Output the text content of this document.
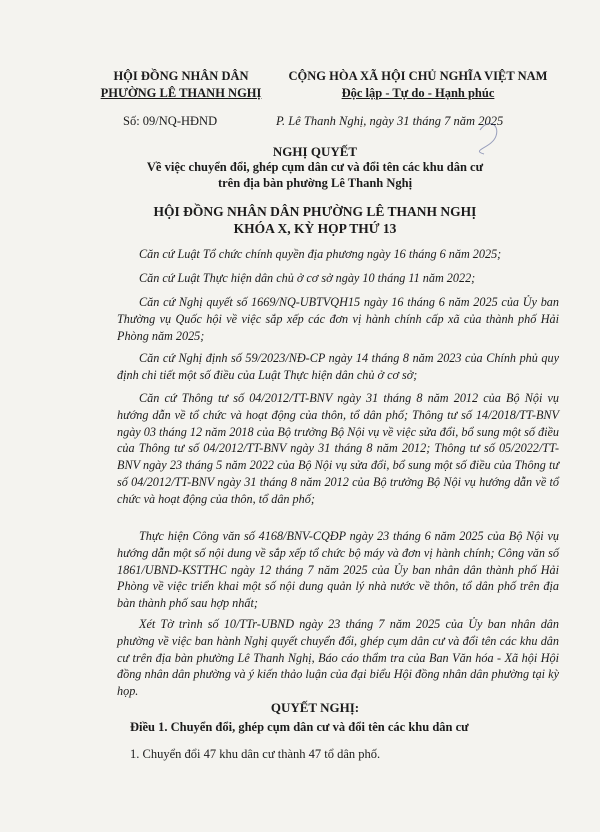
HỘI ĐỒNG NHÂN DÂN
PHƯỜNG LÊ THANH NGHỊ
CỘNG HÒA XÃ HỘI CHỦ NGHĨA VIỆT NAM
Độc lập - Tự do - Hạnh phúc
Số: 09/NQ-HĐND	P. Lê Thanh Nghị, ngày 31 tháng 7 năm 2025
NGHỊ QUYẾT
Về việc chuyển đổi, ghép cụm dân cư và đổi tên các khu dân cư
trên địa bàn phường Lê Thanh Nghị
HỘI ĐỒNG NHÂN DÂN PHƯỜNG LÊ THANH NGHỊ
KHÓA X, KỲ HỌP THỨ 13
Căn cứ Luật Tổ chức chính quyền địa phương ngày 16 tháng 6 năm 2025;
Căn cứ Luật Thực hiện dân chủ ở cơ sở ngày 10 tháng 11 năm 2022;
Căn cứ Nghị quyết số 1669/NQ-UBTVQH15 ngày 16 tháng 6 năm 2025 của Ủy ban Thường vụ Quốc hội về việc sắp xếp các đơn vị hành chính cấp xã của thành phố Hải Phòng năm 2025;
Căn cứ Nghị định số 59/2023/NĐ-CP ngày 14 tháng 8 năm 2023 của Chính phủ quy định chi tiết một số điều của Luật Thực hiện dân chủ ở cơ sở;
Căn cứ Thông tư số 04/2012/TT-BNV ngày 31 tháng 8 năm 2012 của Bộ Nội vụ hướng dẫn về tổ chức và hoạt động của thôn, tổ dân phố; Thông tư số 14/2018/TT-BNV ngày 03 tháng 12 năm 2018 của Bộ trưởng Bộ Nội vụ về việc sửa đổi, bổ sung một số điều của Thông tư số 04/2012/TT-BNV ngày 31 tháng 8 năm 2012; Thông tư số 05/2022/TT-BNV ngày 23 tháng 5 năm 2022 của Bộ Nội vụ sửa đổi, bổ sung một số điều của Thông tư số 04/2012/TT-BNV ngày 31 tháng 8 năm 2012 của Bộ trưởng Bộ Nội vụ hướng dẫn về tổ chức và hoạt động của thôn, tổ dân phố;
Thực hiện Công văn số 4168/BNV-CQĐP ngày 23 tháng 6 năm 2025 của Bộ Nội vụ hướng dẫn một số nội dung về sắp xếp tổ chức bộ máy và đơn vị hành chính; Công văn số 1861/UBND-KSTTHC ngày 12 tháng 7 năm 2025 của Ủy ban nhân dân thành phố Hải Phòng về việc triển khai một số nội dung quản lý nhà nước về thôn, tổ dân phố trên địa bàn thành phố sau hợp nhất;
Xét Tờ trình số 10/TTr-UBND ngày 23 tháng 7 năm 2025 của Ủy ban nhân dân phường về việc ban hành Nghị quyết chuyển đổi, ghép cụm dân cư và đổi tên các khu dân cư trên địa bàn phường Lê Thanh Nghị, Báo cáo thẩm tra của Ban Văn hóa - Xã hội Hội đồng nhân dân phường và ý kiến thảo luận của đại biểu Hội đồng nhân dân phường tại kỳ họp.
QUYẾT NGHỊ:
Điều 1. Chuyển đổi, ghép cụm dân cư và đổi tên các khu dân cư
1. Chuyển đổi 47 khu dân cư thành 47 tổ dân phố.
